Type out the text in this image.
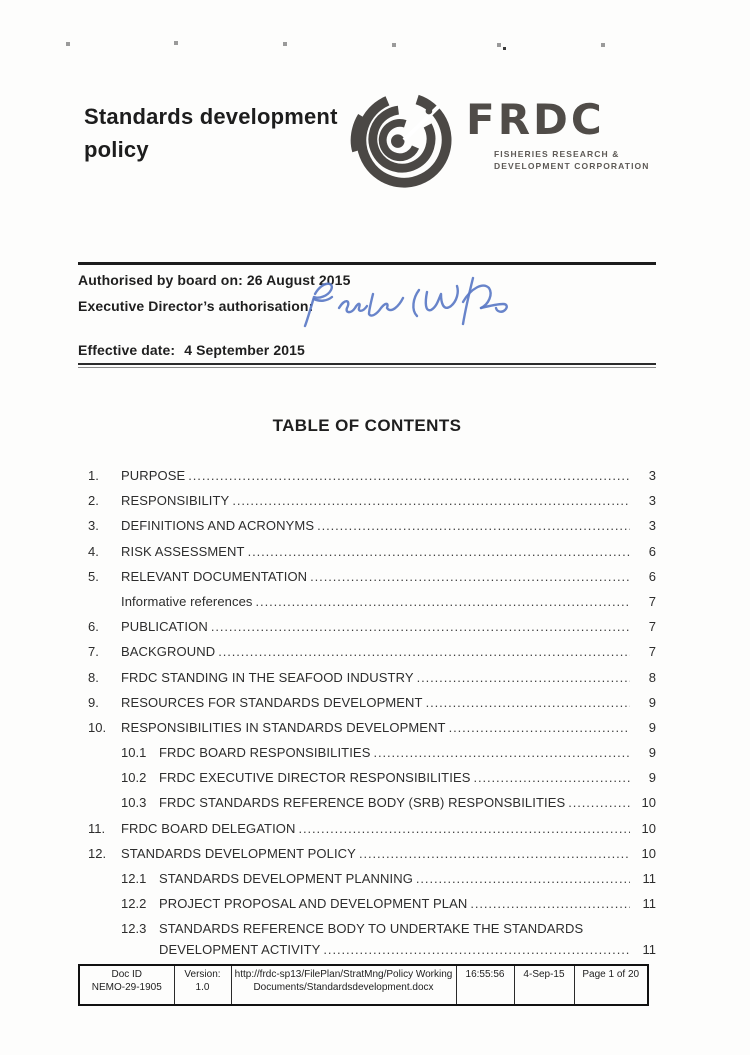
Standards development
policy
FRDC
FISHERIES RESEARCH &
DEVELOPMENT CORPORATION
Authorised by board on: 26 August 2015
Executive Director’s authorisation:
Effective date: 4 September 2015
TABLE OF CONTENTS
1.	PURPOSE .....	3
2.	RESPONSIBILITY .....	3
3.	DEFINITIONS AND ACRONYMS .....	3
4.	RISK ASSESSMENT .....	6
5.	RELEVANT DOCUMENTATION .....	6
Informative references .....	7
6.	PUBLICATION .....	7
7.	BACKGROUND .....	7
8.	FRDC STANDING IN THE SEAFOOD INDUSTRY .....	8
9.	RESOURCES FOR STANDARDS DEVELOPMENT .....	9
10.	RESPONSIBILITIES IN STANDARDS DEVELOPMENT .....	9
10.1 FRDC BOARD RESPONSIBILITIES .....	9
10.2 FRDC EXECUTIVE DIRECTOR RESPONSIBILITIES .....	9
10.3 FRDC STANDARDS REFERENCE BODY (SRB) RESPONSBILITIES .....	10
11.	FRDC BOARD DELEGATION .....	10
12.	STANDARDS DEVELOPMENT POLICY .....	10
12.1 STANDARDS DEVELOPMENT PLANNING .....	11
12.2 PROJECT PROPOSAL AND DEVELOPMENT PLAN .....	11
12.3 STANDARDS REFERENCE BODY TO UNDERTAKE THE STANDARDS
DEVELOPMENT ACTIVITY .....	11
Doc ID
NEMO-29-1905

Version:
1.0

http://frdc-sp13/FilePlan/StratMng/Policy Working
Documents/Standardsdevelopment.docx

16:55:56	4-Sep-15	Page 1 of 20
